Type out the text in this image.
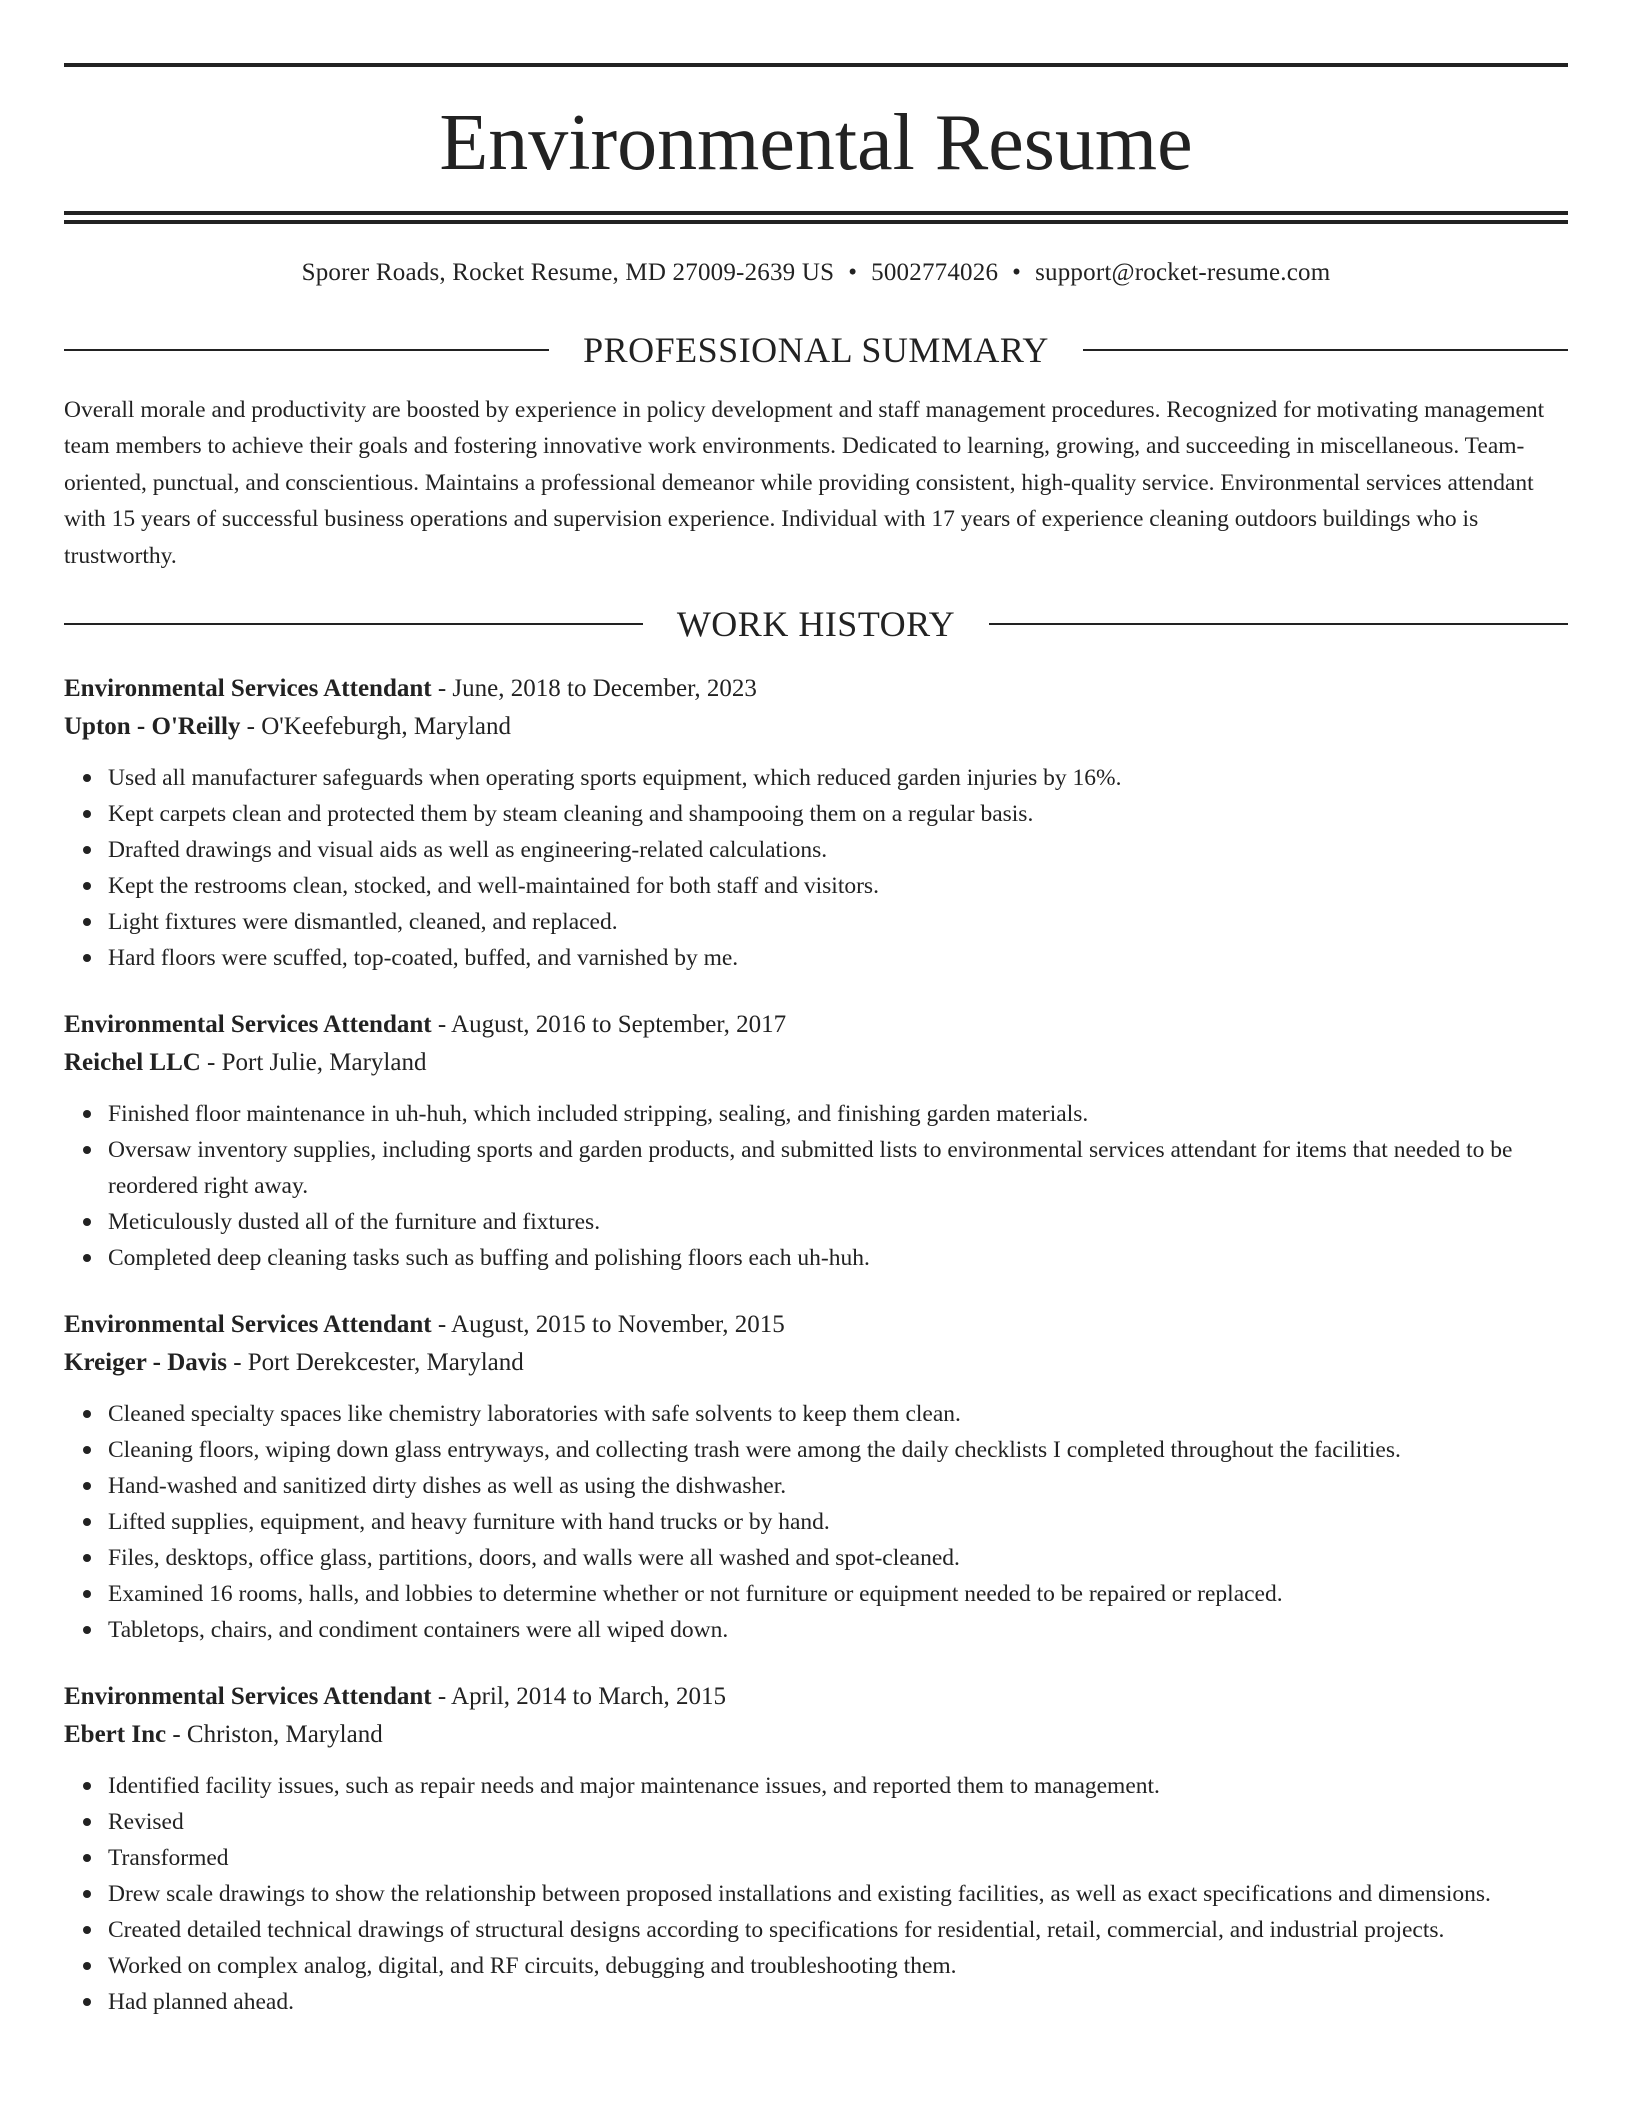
Environmental Resume
Sporer Roads, Rocket Resume, MD 27009-2639 US • 5002774026 • support@rocket-resume.com
PROFESSIONAL SUMMARY
Overall morale and productivity are boosted by experience in policy development and staff management procedures. Recognized for motivating management team members to achieve their goals and fostering innovative work environments. Dedicated to learning, growing, and succeeding in miscellaneous. Team-oriented, punctual, and conscientious. Maintains a professional demeanor while providing consistent, high-quality service. Environmental services attendant with 15 years of successful business operations and supervision experience. Individual with 17 years of experience cleaning outdoors buildings who is trustworthy.
WORK HISTORY
Environmental Services Attendant - June, 2018 to December, 2023
Upton - O'Reilly - O'Keefeburgh, Maryland
Used all manufacturer safeguards when operating sports equipment, which reduced garden injuries by 16%.
Kept carpets clean and protected them by steam cleaning and shampooing them on a regular basis.
Drafted drawings and visual aids as well as engineering-related calculations.
Kept the restrooms clean, stocked, and well-maintained for both staff and visitors.
Light fixtures were dismantled, cleaned, and replaced.
Hard floors were scuffed, top-coated, buffed, and varnished by me.
Environmental Services Attendant - August, 2016 to September, 2017
Reichel LLC - Port Julie, Maryland
Finished floor maintenance in uh-huh, which included stripping, sealing, and finishing garden materials.
Oversaw inventory supplies, including sports and garden products, and submitted lists to environmental services attendant for items that needed to be reordered right away.
Meticulously dusted all of the furniture and fixtures.
Completed deep cleaning tasks such as buffing and polishing floors each uh-huh.
Environmental Services Attendant - August, 2015 to November, 2015
Kreiger - Davis - Port Derekcester, Maryland
Cleaned specialty spaces like chemistry laboratories with safe solvents to keep them clean.
Cleaning floors, wiping down glass entryways, and collecting trash were among the daily checklists I completed throughout the facilities.
Hand-washed and sanitized dirty dishes as well as using the dishwasher.
Lifted supplies, equipment, and heavy furniture with hand trucks or by hand.
Files, desktops, office glass, partitions, doors, and walls were all washed and spot-cleaned.
Examined 16 rooms, halls, and lobbies to determine whether or not furniture or equipment needed to be repaired or replaced.
Tabletops, chairs, and condiment containers were all wiped down.
Environmental Services Attendant - April, 2014 to March, 2015
Ebert Inc - Christon, Maryland
Identified facility issues, such as repair needs and major maintenance issues, and reported them to management.
Revised
Transformed
Drew scale drawings to show the relationship between proposed installations and existing facilities, as well as exact specifications and dimensions.
Created detailed technical drawings of structural designs according to specifications for residential, retail, commercial, and industrial projects.
Worked on complex analog, digital, and RF circuits, debugging and troubleshooting them.
Had planned ahead.
